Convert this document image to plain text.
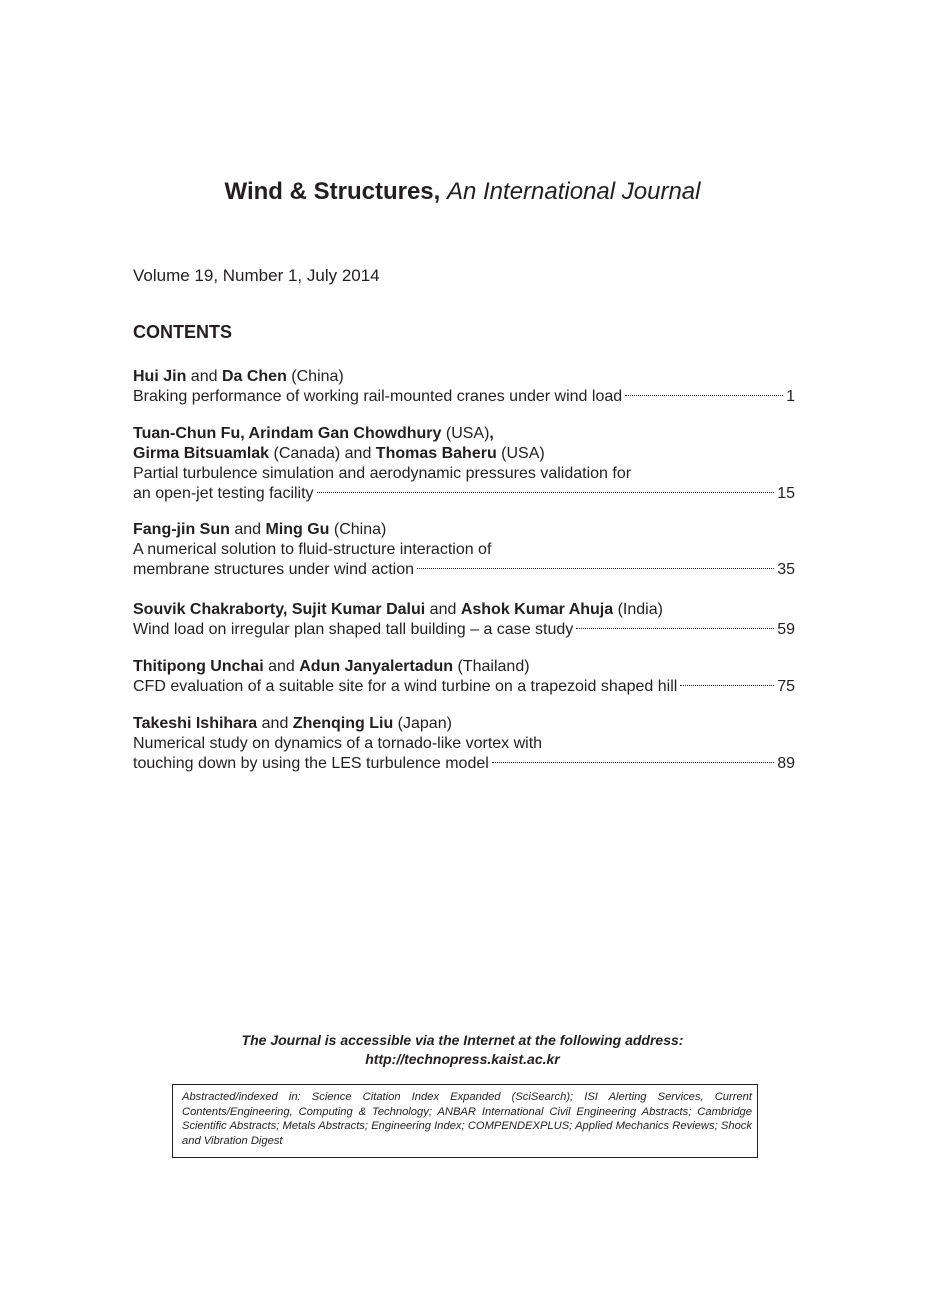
Wind & Structures, An International Journal
Volume 19, Number 1, July 2014
CONTENTS
Hui Jin and Da Chen (China)
Braking performance of working rail-mounted cranes under wind load	1
Tuan-Chun Fu, Arindam Gan Chowdhury (USA),
Girma Bitsuamlak (Canada) and Thomas Baheru (USA)
Partial turbulence simulation and aerodynamic pressures validation for
an open-jet testing facility	15
Fang-jin Sun and Ming Gu (China)
A numerical solution to fluid-structure interaction of
membrane structures under wind action	35
Souvik Chakraborty, Sujit Kumar Dalui and Ashok Kumar Ahuja (India)
Wind load on irregular plan shaped tall building – a case study	59
Thitipong Unchai and Adun Janyalertadun (Thailand)
CFD evaluation of a suitable site for a wind turbine on a trapezoid shaped hill	75
Takeshi Ishihara and Zhenqing Liu (Japan)
Numerical study on dynamics of a tornado-like vortex with
touching down by using the LES turbulence model	89
The Journal is accessible via the Internet at the following address:
http://technopress.kaist.ac.kr
Abstracted/indexed in: Science Citation Index Expanded (SciSearch); ISI Alerting Services, Current Contents/Engineering, Computing & Technology; ANBAR International Civil Engineering Abstracts; Cambridge Scientific Abstracts; Metals Abstracts; Engineering Index; COMPENDEXPLUS; Applied Mechanics Reviews; Shock and Vibration Digest
